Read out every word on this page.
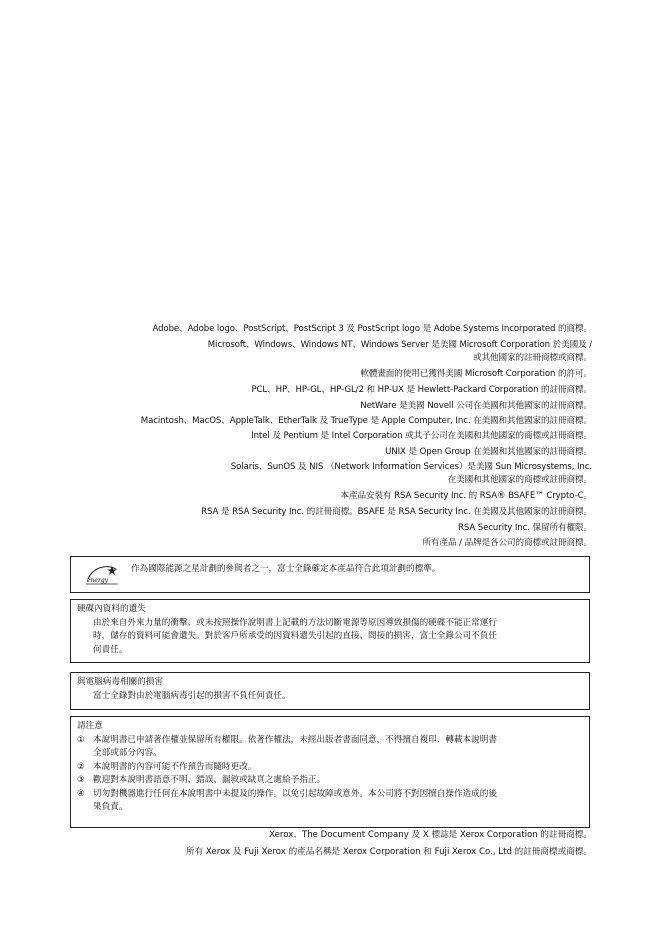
Adobe、Adobe logo、PostScript、PostScript 3 及 PostScript logo 是 Adobe Systems Incorporated 的商標。
Microsoft、Windows、Windows NT、Windows Server 是美國 Microsoft Corporation 於美國及 /
或其他國家的註冊商標或商標。
軟體畫面的使用已獲得美國 Microsoft Corporation 的許可。
PCL、HP、HP-GL、HP-GL/2 和 HP-UX 是 Hewlett-Packard Corporation 的註冊商標。
NetWare 是美國 Novell 公司在美國和其他國家的註冊商標。
Macintosh、MacOS、AppleTalk、EtherTalk 及 TrueType 是 Apple Computer, Inc. 在美國和其他國家的註冊商標。
Intel 及 Pentium 是 Intel Corporation 或其子公司在美國和其他國家的商標或註冊商標。
UNIX 是 Open Group 在美國和其他國家的註冊商標。
Solaris、SunOS 及 NIS （Network Information Services）是美國 Sun Microsystems, Inc.
在美國和其他國家的商標或註冊商標。
本產品安裝有 RSA Security Inc. 的 RSA® BSAFE™ Crypto-C。
RSA 是 RSA Security Inc. 的註冊商標。BSAFE 是 RSA Security Inc. 在美國及其他國家的註冊商標。
RSA Security Inc. 保留所有權限。
所有產品 / 品牌是各公司的商標或註冊商標。
energy
作為國際能源之星計劃的參與者之一，富士全錄確定本產品符合此項計劃的標準。
硬碟內資料的遺失
由於來自外來力量的衝擊、或未按照操作說明書上記載的方法切斷電源等原因導致損傷的硬碟不能正常運行
時，儲存的資料可能會遺失。對於客戶所承受的因資料遺失引起的直接、間接的損害，富士全錄公司不負任
何責任。
與電腦病毒相關的損害
富士全錄對由於電腦病毒引起的損害不負任何責任。
請注意
① 本說明書已申請著作權並保留所有權限。依著作權法，未經出版者書面同意，不得擅自複印、轉載本說明書
全部或部分內容。
② 本說明書的內容可能不作預告而隨時更改。
③ 歡迎對本說明書語意不明、錯誤、漏敘或缺頁之處給予指正。
④ 切勿對機器進行任何在本說明書中未提及的操作。以免引起故障或意外。本公司將不對因擅自操作造成的後
果負責。
Xerox、The Document Company 及 X 標誌是 Xerox Corporation 的註冊商標。
所有 Xerox 及 Fuji Xerox 的產品名稱是 Xerox Corporation 和 Fuji Xerox Co., Ltd 的註冊商標或商標。
